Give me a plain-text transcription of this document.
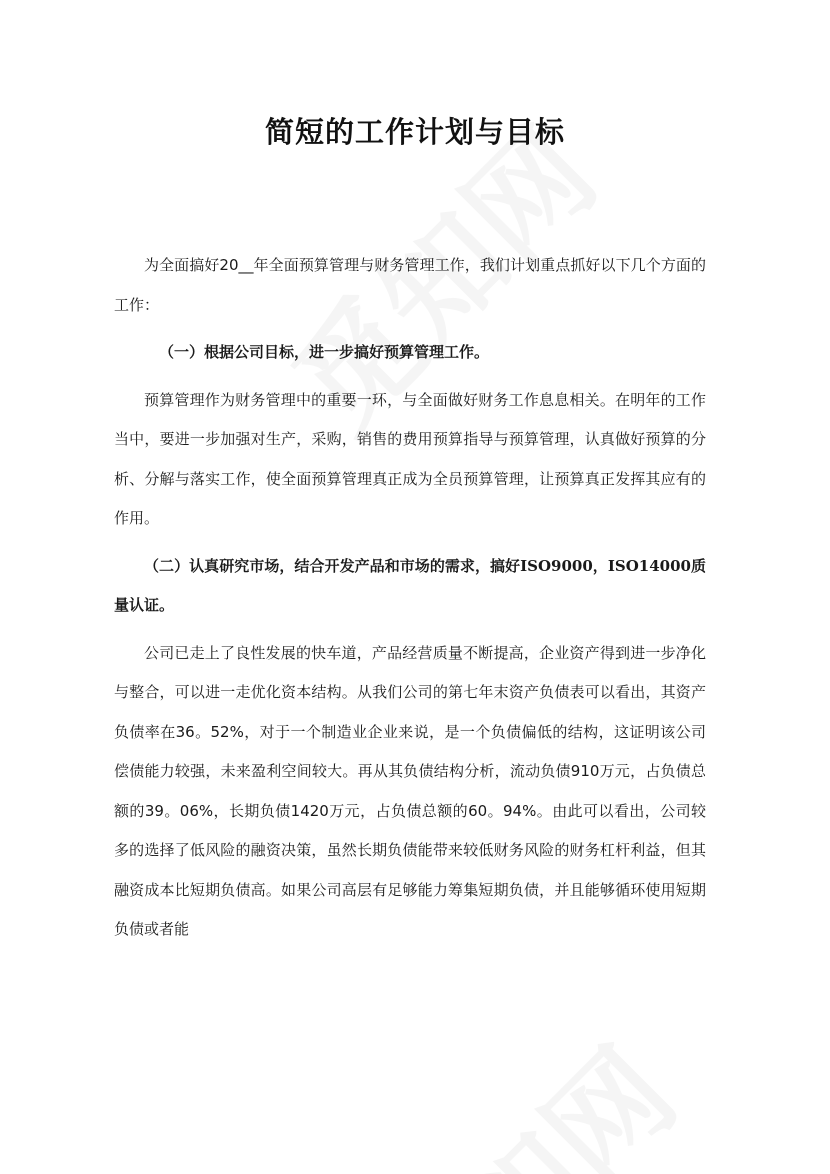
简短的工作计划与目标

为全面搞好20__年全面预算管理与财务管理工作，我们计划重点抓好以下几个方面的工作：

（一）根据公司目标，进一步搞好预算管理工作。

预算管理作为财务管理中的重要一环，与全面做好财务工作息息相关。在明年的工作当中，要进一步加强对生产，采购，销售的费用预算指导与预算管理，认真做好预算的分析、分解与落实工作，使全面预算管理真正成为全员预算管理，让预算真正发挥其应有的作用。

（二）认真研究市场，结合开发产品和市场的需求，搞好ISO9000，ISO14000质量认证。

公司已走上了良性发展的快车道，产品经营质量不断提高，企业资产得到进一步净化与整合，可以进一走优化资本结构。从我们公司的第七年末资产负债表可以看出，其资产负债率在36。52%，对于一个制造业企业来说，是一个负债偏低的结构，这证明该公司偿债能力较强，未来盈利空间较大。再从其负债结构分析，流动负债910万元，占负债总额的39。06%，长期负债1420万元，占负债总额的60。94%。由此可以看出，公司较多的选择了低风险的融资决策，虽然长期负债能带来较低财务风险的财务杠杆利益，但其融资成本比短期负债高。如果公司高层有足够能力筹集短期负债，并且能够循环使用短期负债或者能
